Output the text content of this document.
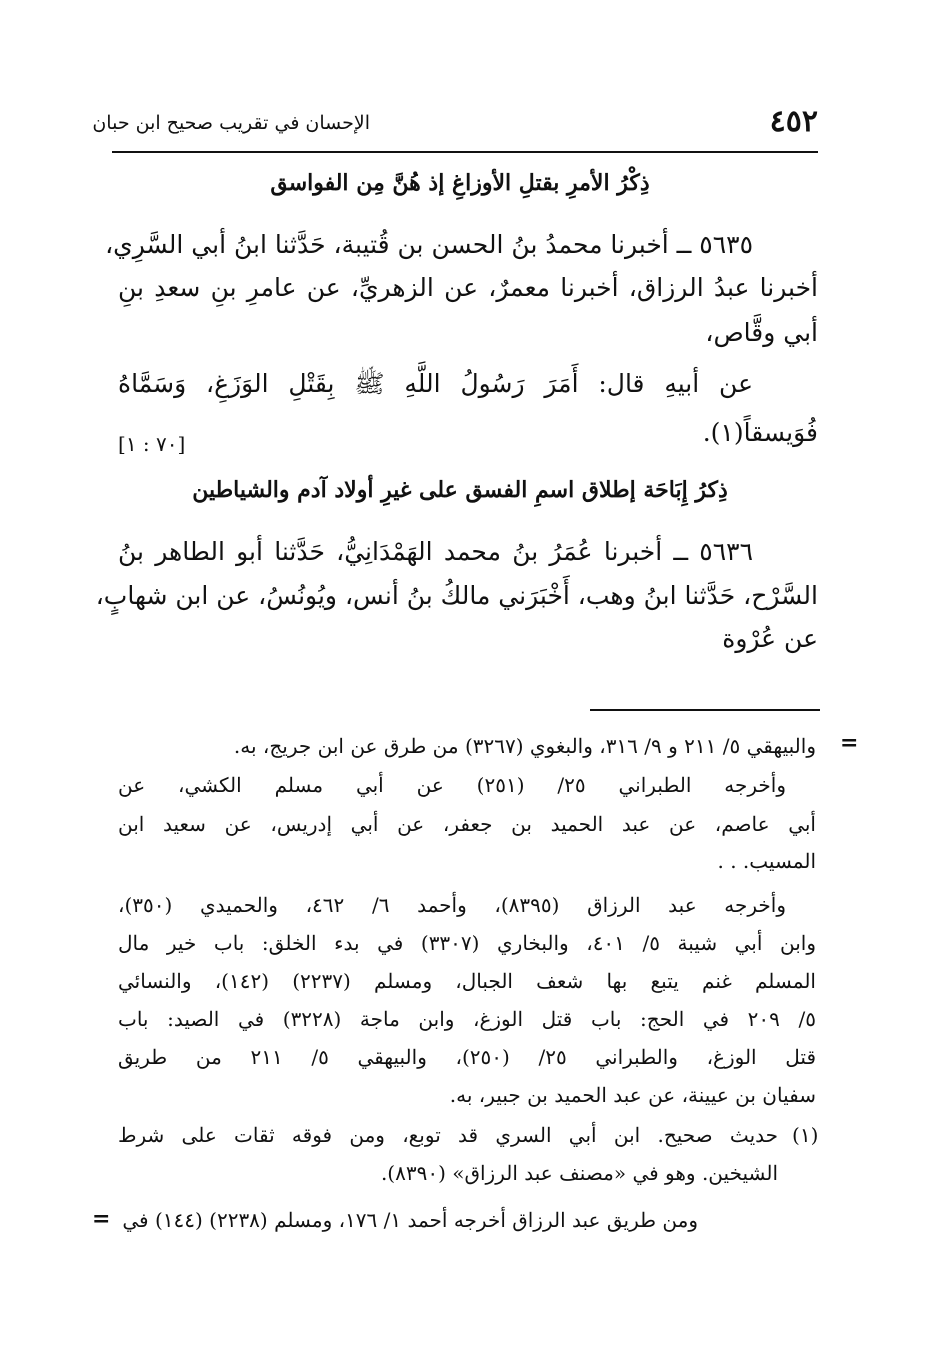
الإحسان في تقريب صحيح ابن حبان	٤٥٢
ذِكْرُ الأمرِ بقتلِ الأوزاغِ إذ هُنَّ مِن الفواسق
٥٦٣٥ ــ أخبرنا محمدُ بنُ الحسن بن قُتيبة، حَدَّثنا ابنُ أبي السَّرِي،
أخبرنا عبدُ الرزاق، أخبرنا معمرٌ، عن الزهريِّ، عن عامرِ بنِ سعدِ بنِ
أبي وقَّاص،
عن أبيهِ قال: أَمَرَ رَسُولُ اللَّهِ ﷺ بِقَتْلِ الوَزَغِ، وَسَمَّاهُ
فُوَيسقاً(١).
[٧٠ : ١]
ذِكرُ إِبَاحَة إطلاق اسمِ الفسق على غيرِ أولاد آدم والشياطين
٥٦٣٦ ــ أخبرنا عُمَرُ بنُ محمد الهَمْدَانِيُّ، حَدَّثنا أبو الطاهر بنُ
السَّرْح، حَدَّثنا ابنُ وهب، أَخْبَرَني مالكُ بنُ أنس، ويُونُسُ، عن ابن شهابٍ،
عن عُرْوة
=
والبيهقي ٥/ ٢١١ و ٩/ ٣١٦، والبغوي (٣٢٦٧) من طرق عن ابن جريج، به.
وأخرجه الطبراني ٢٥/ (٢٥١) عن أبي مسلم الكشي، عن
أبي عاصم، عن عبد الحميد بن جعفر، عن أبي إدريس، عن سعيد ابن
المسيب. . .
وأخرجه عبد الرزاق (٨٣٩٥)، وأحمد ٦/ ٤٦٢، والحميدي (٣٥٠)،
وابن أبي شيبة ٥/ ٤٠١، والبخاري (٣٣٠٧) في بدء الخلق: باب خير مال
المسلم غنم يتبع بها شعف الجبال، ومسلم (٢٢٣٧) (١٤٢)، والنسائي
٥/ ٢٠٩ في الحج: باب قتل الوزغ، وابن ماجة (٣٢٢٨) في الصيد: باب
قتل الوزغ، والطبراني ٢٥/ (٢٥٠)، والبيهقي ٥/ ٢١١ من طريق
سفيان بن عيينة، عن عبد الحميد بن جبير، به.
(١)
حديث صحيح. ابن أبي السري قد توبع، ومن فوقه ثقات على شرط
الشيخين. وهو في «مصنف عبد الرزاق» (٨٣٩٠).
ومن طريق عبد الرزاق أخرجه أحمد ١/ ١٧٦، ومسلم (٢٢٣٨) (١٤٤) في
=
